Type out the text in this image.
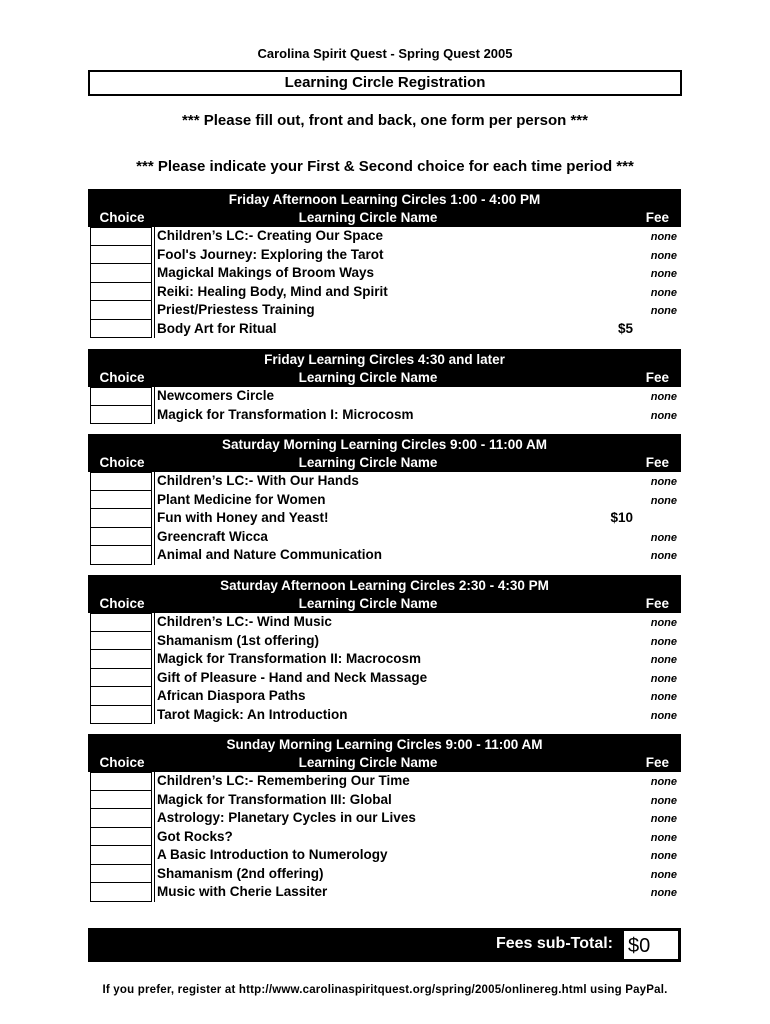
Carolina Spirit Quest - Spring Quest 2005
Learning Circle Registration
*** Please fill out, front and back, one form per person ***
*** Please indicate your First & Second choice for each time period ***
Friday Afternoon Learning Circles 1:00 - 4:00 PM
Choice	Learning Circle Name	Fee
Children’s LC:- Creating Our Space	none
Fool's Journey: Exploring the Tarot	none
Magickal Makings of Broom Ways	none
Reiki: Healing Body, Mind and Spirit	none
Priest/Priestess Training	none
Body Art for Ritual	$5
Friday Learning Circles 4:30 and later
Choice	Learning Circle Name	Fee
Newcomers Circle	none
Magick for Transformation I: Microcosm	none
Saturday Morning Learning Circles 9:00 - 11:00 AM
Choice	Learning Circle Name	Fee
Children’s LC:- With Our Hands	none
Plant Medicine for Women	none
Fun with Honey and Yeast!	$10
Greencraft Wicca	none
Animal and Nature Communication	none
Saturday Afternoon Learning Circles 2:30 - 4:30 PM
Choice	Learning Circle Name	Fee
Children’s LC:- Wind Music	none
Shamanism (1st offering)	none
Magick for Transformation II: Macrocosm	none
Gift of Pleasure - Hand and Neck Massage	none
African Diaspora Paths	none
Tarot Magick: An Introduction	none
Sunday Morning Learning Circles 9:00 - 11:00 AM
Choice	Learning Circle Name	Fee
Children’s LC:- Remembering Our Time	none
Magick for Transformation III: Global	none
Astrology: Planetary Cycles in our Lives	none
Got Rocks?	none
A Basic Introduction to Numerology	none
Shamanism (2nd offering)	none
Music with Cherie Lassiter	none
Fees sub-Total: $0
If you prefer, register at http://www.carolinaspiritquest.org/spring/2005/onlinereg.html using PayPal.
